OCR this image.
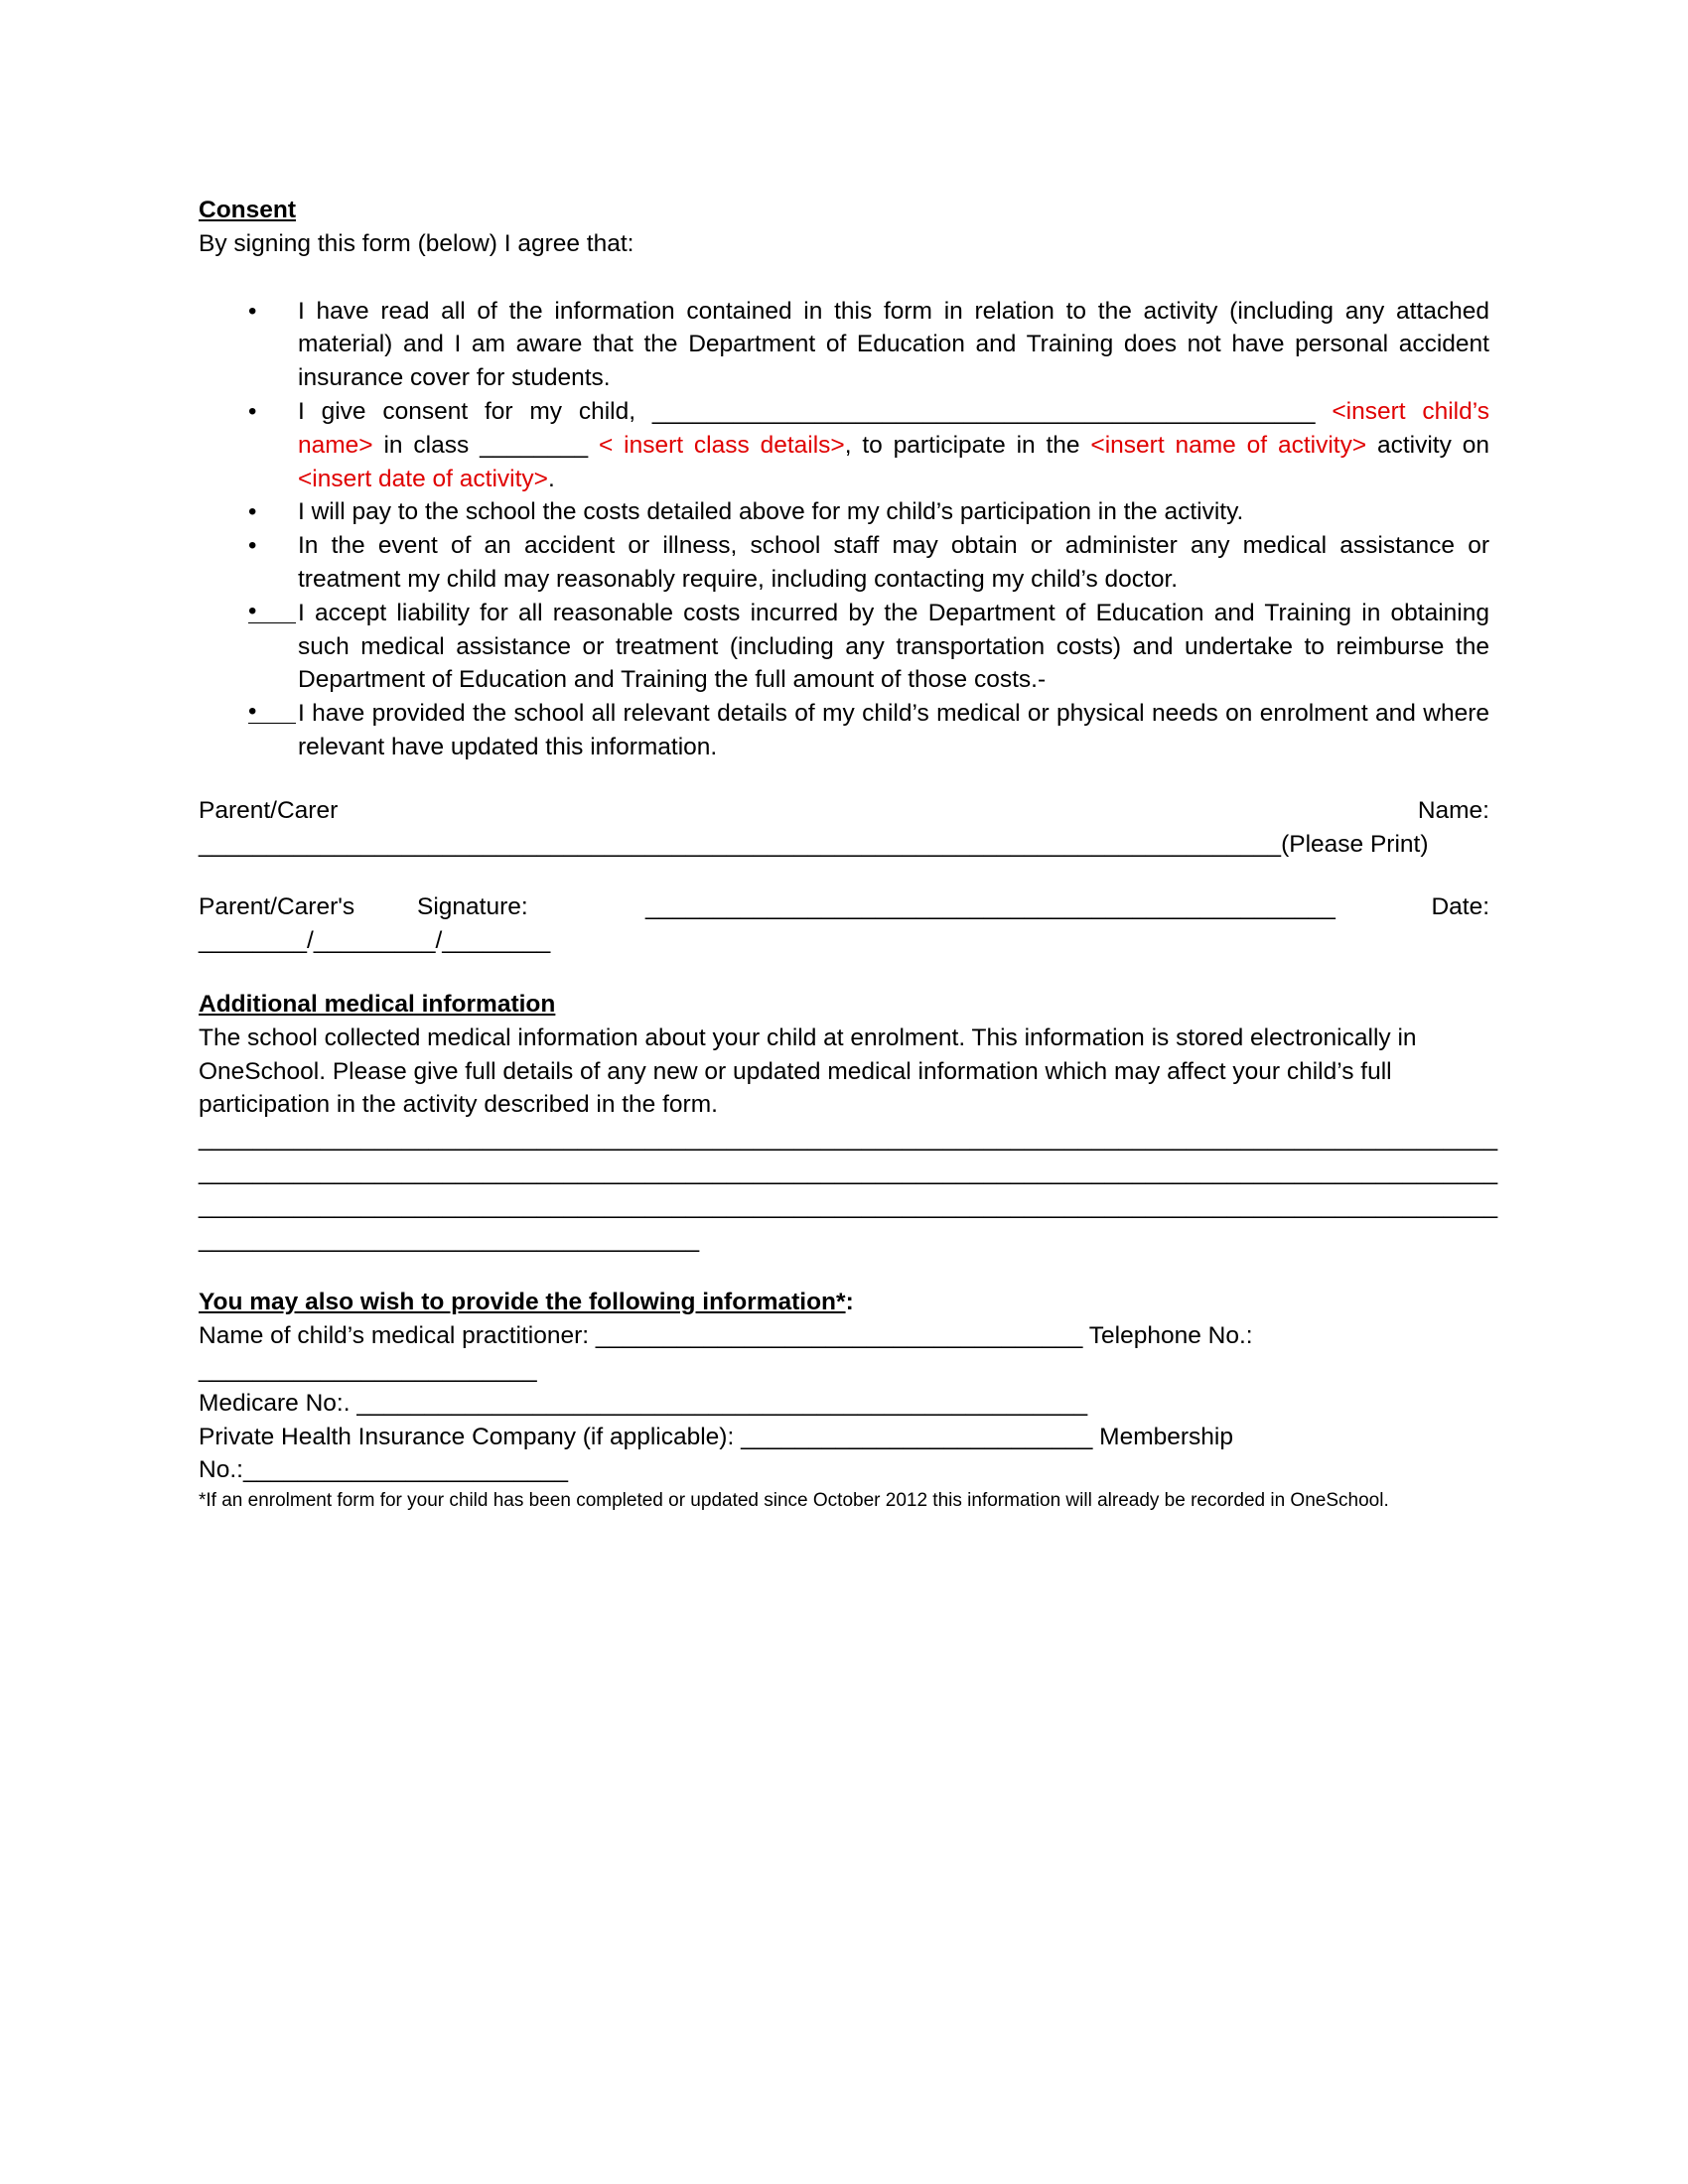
Consent

By signing this form (below) I agree that:

• I have read all of the information contained in this form in relation to the activity (including any attached material) and I am aware that the Department of Education and Training does not have personal accident insurance cover for students.
• I give consent for my child, _________________________________________________ <insert child’s name> in class ________ < insert class details>, to participate in the <insert name of activity> activity on <insert date of activity>.
• I will pay to the school the costs detailed above for my child’s participation in the activity.
• In the event of an accident or illness, school staff may obtain or administer any medical assistance or treatment my child may reasonably require, including contacting my child’s doctor.
•	I accept liability for all reasonable costs incurred by the Department of Education and Training in obtaining such medical assistance or treatment (including any transportation costs) and undertake to reimburse the Department of Education and Training the full amount of those costs.-
•	I have provided the school all relevant details of my child’s medical or physical needs on enrolment and where relevant have updated this information.
Parent/Carer	Name:

________________________________________________________________________________(Please Print)

Parent/Carer's	Signature:	___________________________________________________	Date:

________/_________/________

Additional medical information

The school collected medical information about your child at enrolment. This information is stored electronically in OneSchool. Please give full details of any new or updated medical information which may affect your child’s full participation in the activity described in the form.

________________________________________________________________________________________________

________________________________________________________________________________________________

________________________________________________________________________________________________

_____________________________________

You may also wish to provide the following information*:

Name of child’s medical practitioner: ____________________________________ Telephone No.:

_________________________

Medicare No:. ______________________________________________________

Private Health Insurance Company (if applicable): __________________________ Membership

No.:________________________

*If an enrolment form for your child has been completed or updated since October 2012 this information will already be recorded in OneSchool.
